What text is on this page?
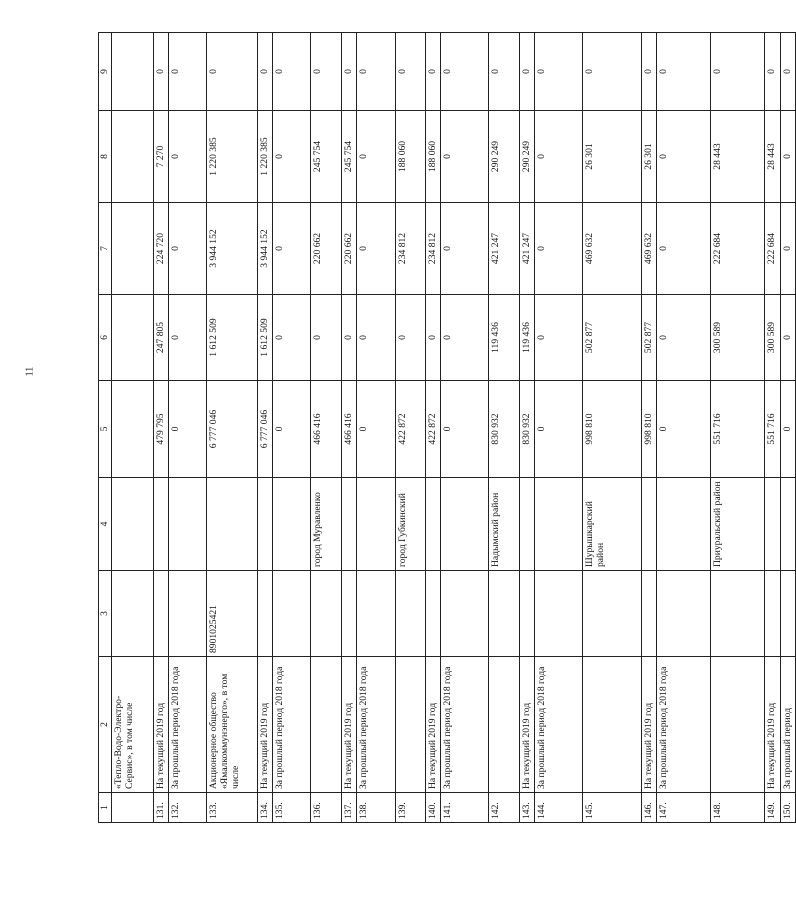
11
1	2	3	4	5	6	7	8	9
	«Тепло-Водо-Электро-Сервис», в том числе							
131.	На текущий 2019 год			479 795	247 805	224 720	7 270	0
132.	За прошлый период 2018 года			0	0	0	0	0
133.	Акционерное общество «Ямалкоммунэнерго», в том числе	8901025421		6 777 046	1 612 509	3 944 152	1 220 385	0
134.	На текущий 2019 год			6 777 046	1 612 509	3 944 152	1 220 385	0
135.	За прошлый период 2018 года			0	0	0	0	0
136.			город Муравленко	466 416	0	220 662	245 754	0
137.	На текущий 2019 год			466 416	0	220 662	245 754	0
138.	За прошлый период 2018 года			0	0	0	0	0
139.			город Губкинский	422 872	0	234 812	188 060	0
140.	На текущий 2019 год			422 872	0	234 812	188 060	0
141.	За прошлый период 2018 года			0	0	0	0	0
142.			Надымский район	830 932	119 436	421 247	290 249	0
143.	На текущий 2019 год			830 932	119 436	421 247	290 249	0
144.	За прошлый период 2018 года			0	0	0	0	0
145.			Шурышкарский район	998 810	502 877	469 632	26 301	0
146.	На текущий 2019 год			998 810	502 877	469 632	26 301	0
147.	За прошлый период 2018 года			0	0	0	0	0
148.			Приуральский район	551 716	300 589	222 684	28 443	0
149.	На текущий 2019 год			551 716	300 589	222 684	28 443	0
150.	За прошлый период			0	0	0	0	0
